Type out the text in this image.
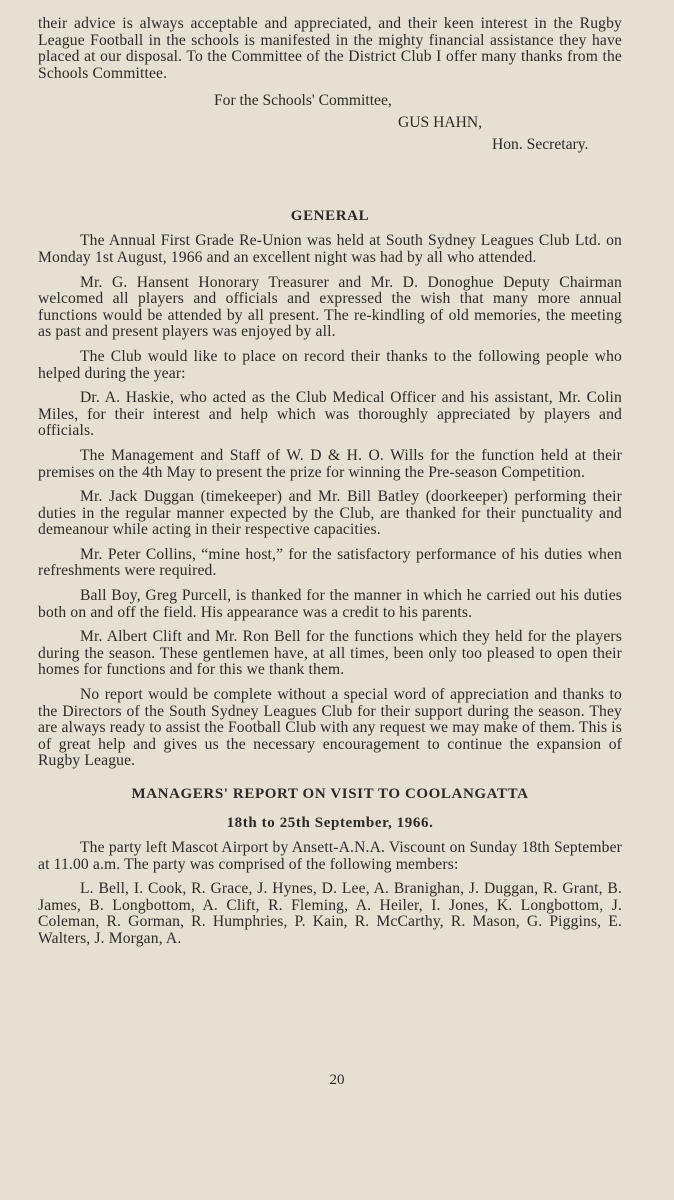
their advice is always acceptable and appreciated, and their keen interest in the Rugby League Football in the schools is manifested in the mighty financial assistance they have placed at our disposal. To the Committee of the District Club I offer many thanks from the Schools Committee.

For the Schools' Committee,
GUS HAHN,
Hon. Secretary.
GENERAL

The Annual First Grade Re-Union was held at South Sydney Leagues Club Ltd. on Monday 1st August, 1966 and an excellent night was had by all who attended.

Mr. G. Hansent Honorary Treasurer and Mr. D. Donoghue Deputy Chairman welcomed all players and officials and expressed the wish that many more annual functions would be attended by all present. The re-kindling of old memories, the meeting as past and present players was enjoyed by all.

The Club would like to place on record their thanks to the following people who helped during the year:

Dr. A. Haskie, who acted as the Club Medical Officer and his assistant, Mr. Colin Miles, for their interest and help which was thoroughly appreciated by players and officials.

The Management and Staff of W. D & H. O. Wills for the function held at their premises on the 4th May to present the prize for winning the Pre-season Competition.

Mr. Jack Duggan (timekeeper) and Mr. Bill Batley (doorkeeper) performing their duties in the regular manner expected by the Club, are thanked for their punctuality and demeanour while acting in their respective capacities.

Mr. Peter Collins, “mine host,” for the satisfactory performance of his duties when refreshments were required.

Ball Boy, Greg Purcell, is thanked for the manner in which he carried out his duties both on and off the field. His appearance was a credit to his parents.

Mr. Albert Clift and Mr. Ron Bell for the functions which they held for the players during the season. These gentlemen have, at all times, been only too pleased to open their homes for functions and for this we thank them.

No report would be complete without a special word of appreciation and thanks to the Directors of the South Sydney Leagues Club for their support during the season. They are always ready to assist the Football Club with any request we may make of them. This is of great help and gives us the necessary encouragement to continue the expansion of Rugby League.

MANAGERS' REPORT ON VISIT TO COOLANGATTA
18th to 25th September, 1966.

The party left Mascot Airport by Ansett-A.N.A. Viscount on Sunday 18th September at 11.00 a.m. The party was comprised of the following members:

L. Bell, I. Cook, R. Grace, J. Hynes, D. Lee, A. Branighan, J. Duggan, R. Grant, B. James, B. Longbottom, A. Clift, R. Fleming, A. Heiler, I. Jones, K. Longbottom, J. Coleman, R. Gorman, R. Humphries, P. Kain, R. McCarthy, R. Mason, G. Piggins, E. Walters, J. Morgan, A.

20
